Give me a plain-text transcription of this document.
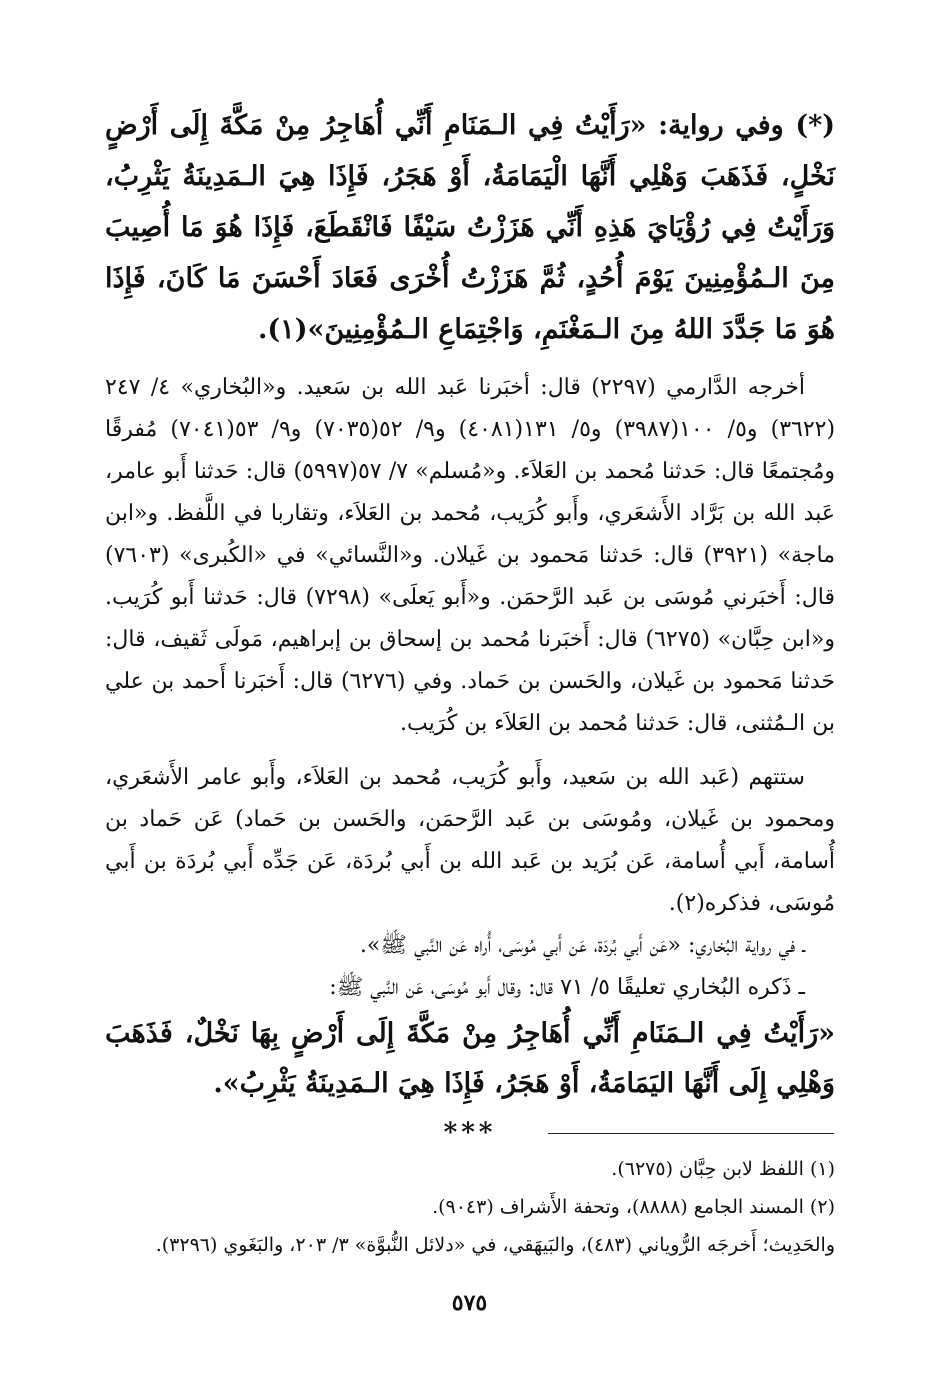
(*) وفي رواية: «رَأَيْتُ فِي الـمَنَامِ أَنِّي أُهَاجِرُ مِنْ مَكَّةَ إِلَى أَرْضٍ نَخْلٍ، فَذَهَبَ وَهْلِي أَنَّهَا الْيَمَامَةُ، أَوْ هَجَرُ، فَإِذَا هِيَ الـمَدِينَةُ يَثْرِبُ، وَرَأَيْتُ فِي رُؤْيَايَ هَذِهِ أَنِّي هَزَزْتُ سَيْفًا فَانْقَطَعَ، فَإِذَا هُوَ مَا أُصِيبَ مِنَ الـمُؤْمِنِينَ يَوْمَ أُحُدٍ، ثُمَّ هَزَزْتُ أُخْرَى فَعَادَ أَحْسَنَ مَا كَانَ، فَإِذَا هُوَ مَا جَدَّدَ اللهُ مِنَ الـمَغْنَمِ، وَاجْتِمَاعِ الـمُؤْمِنِينَ»(١).

أخرجه الدَّارمي (٢٢٩٧) قال: أخبَرنا عَبد الله بن سَعيد. و«البُخاري» ٤/ ٢٤٧ (٣٦٢٢) و٥/ ١٠٠(٣٩٨٧) و٥/ ١٣١(٤٠٨١) و٩/ ٥٢(٧٠٣٥) و٩/ ٥٣(٧٠٤١) مُفرقًا ومُجتمعًا قال: حَدثنا مُحمد بن العَلاَء. و«مُسلم» ٧/ ٥٧(٥٩٩٧) قال: حَدثنا أَبو عامر، عَبد الله بن بَرَّاد الأَشعَري، وأَبو كُرَيب، مُحمد بن العَلاَء، وتقاربا في اللَّفظ. و«ابن ماجة» (٣٩٢١) قال: حَدثنا مَحمود بن غَيلان. و«النَّسائي» في «الكُبرى» (٧٦٠٣) قال: أَخبَرني مُوسَى بن عَبد الرَّحمَن. و«أَبو يَعلَى» (٧٢٩٨) قال: حَدثنا أَبو كُرَيب. و«ابن حِبَّان» (٦٢٧٥) قال: أَخبَرنا مُحمد بن إسحاق بن إبراهيم، مَولَى ثَقيف، قال: حَدثنا مَحمود بن غَيلان، والحَسن بن حَماد. وفي (٦٢٧٦) قال: أَخبَرنا أَحمد بن علي بن الـمُثنى، قال: حَدثنا مُحمد بن العَلاَء بن كُرَيب.

ستتهم (عَبد الله بن سَعيد، وأَبو كُرَيب، مُحمد بن العَلاَء، وأَبو عامر الأَشعَري، ومحمود بن غَيلان، ومُوسَى بن عَبد الرَّحمَن، والحَسن بن حَماد) عَن حَماد بن أُسامة، أَبي أُسامة، عَن بُرَيد بن عَبد الله بن أَبي بُردَة، عَن جَدِّه أَبي بُردَة بن أَبي مُوسَى، فذكره(٢).

ـ في رواية البُخاري: «عَن أَبي بُردَة، عَن أَبي مُوسَى، أُراه عَن النَّبي ﷺ».

ـ ذَكره البُخاري تعليقًا ٥/ ٧١ قال: وقال أَبو مُوسَى، عَن النَّبي ﷺ:

«رَأَيْتُ فِي الـمَنَامِ أَنِّي أُهَاجِرُ مِنْ مَكَّةَ إِلَى أَرْضٍ بِهَا نَخْلٌ، فَذَهَبَ وَهْلِي إِلَى أَنَّهَا اليَمَامَةُ، أَوْ هَجَرُ، فَإِذَا هِيَ الـمَدِينَةُ يَثْرِبُ».

***

(١) اللفظ لابن حِبَّان (٦٢٧٥).

(٢) المسند الجامع (٨٨٨٨)، وتحفة الأَشراف (٩٠٤٣).

والحَدِيث؛ أَخرجَه الرُّوياني (٤٨٣)، والبَيهَقي، في «دلائل النُّبوَّة» ٣/ ٢٠٣، والبَغَوي (٣٢٩٦).

٥٧٥
